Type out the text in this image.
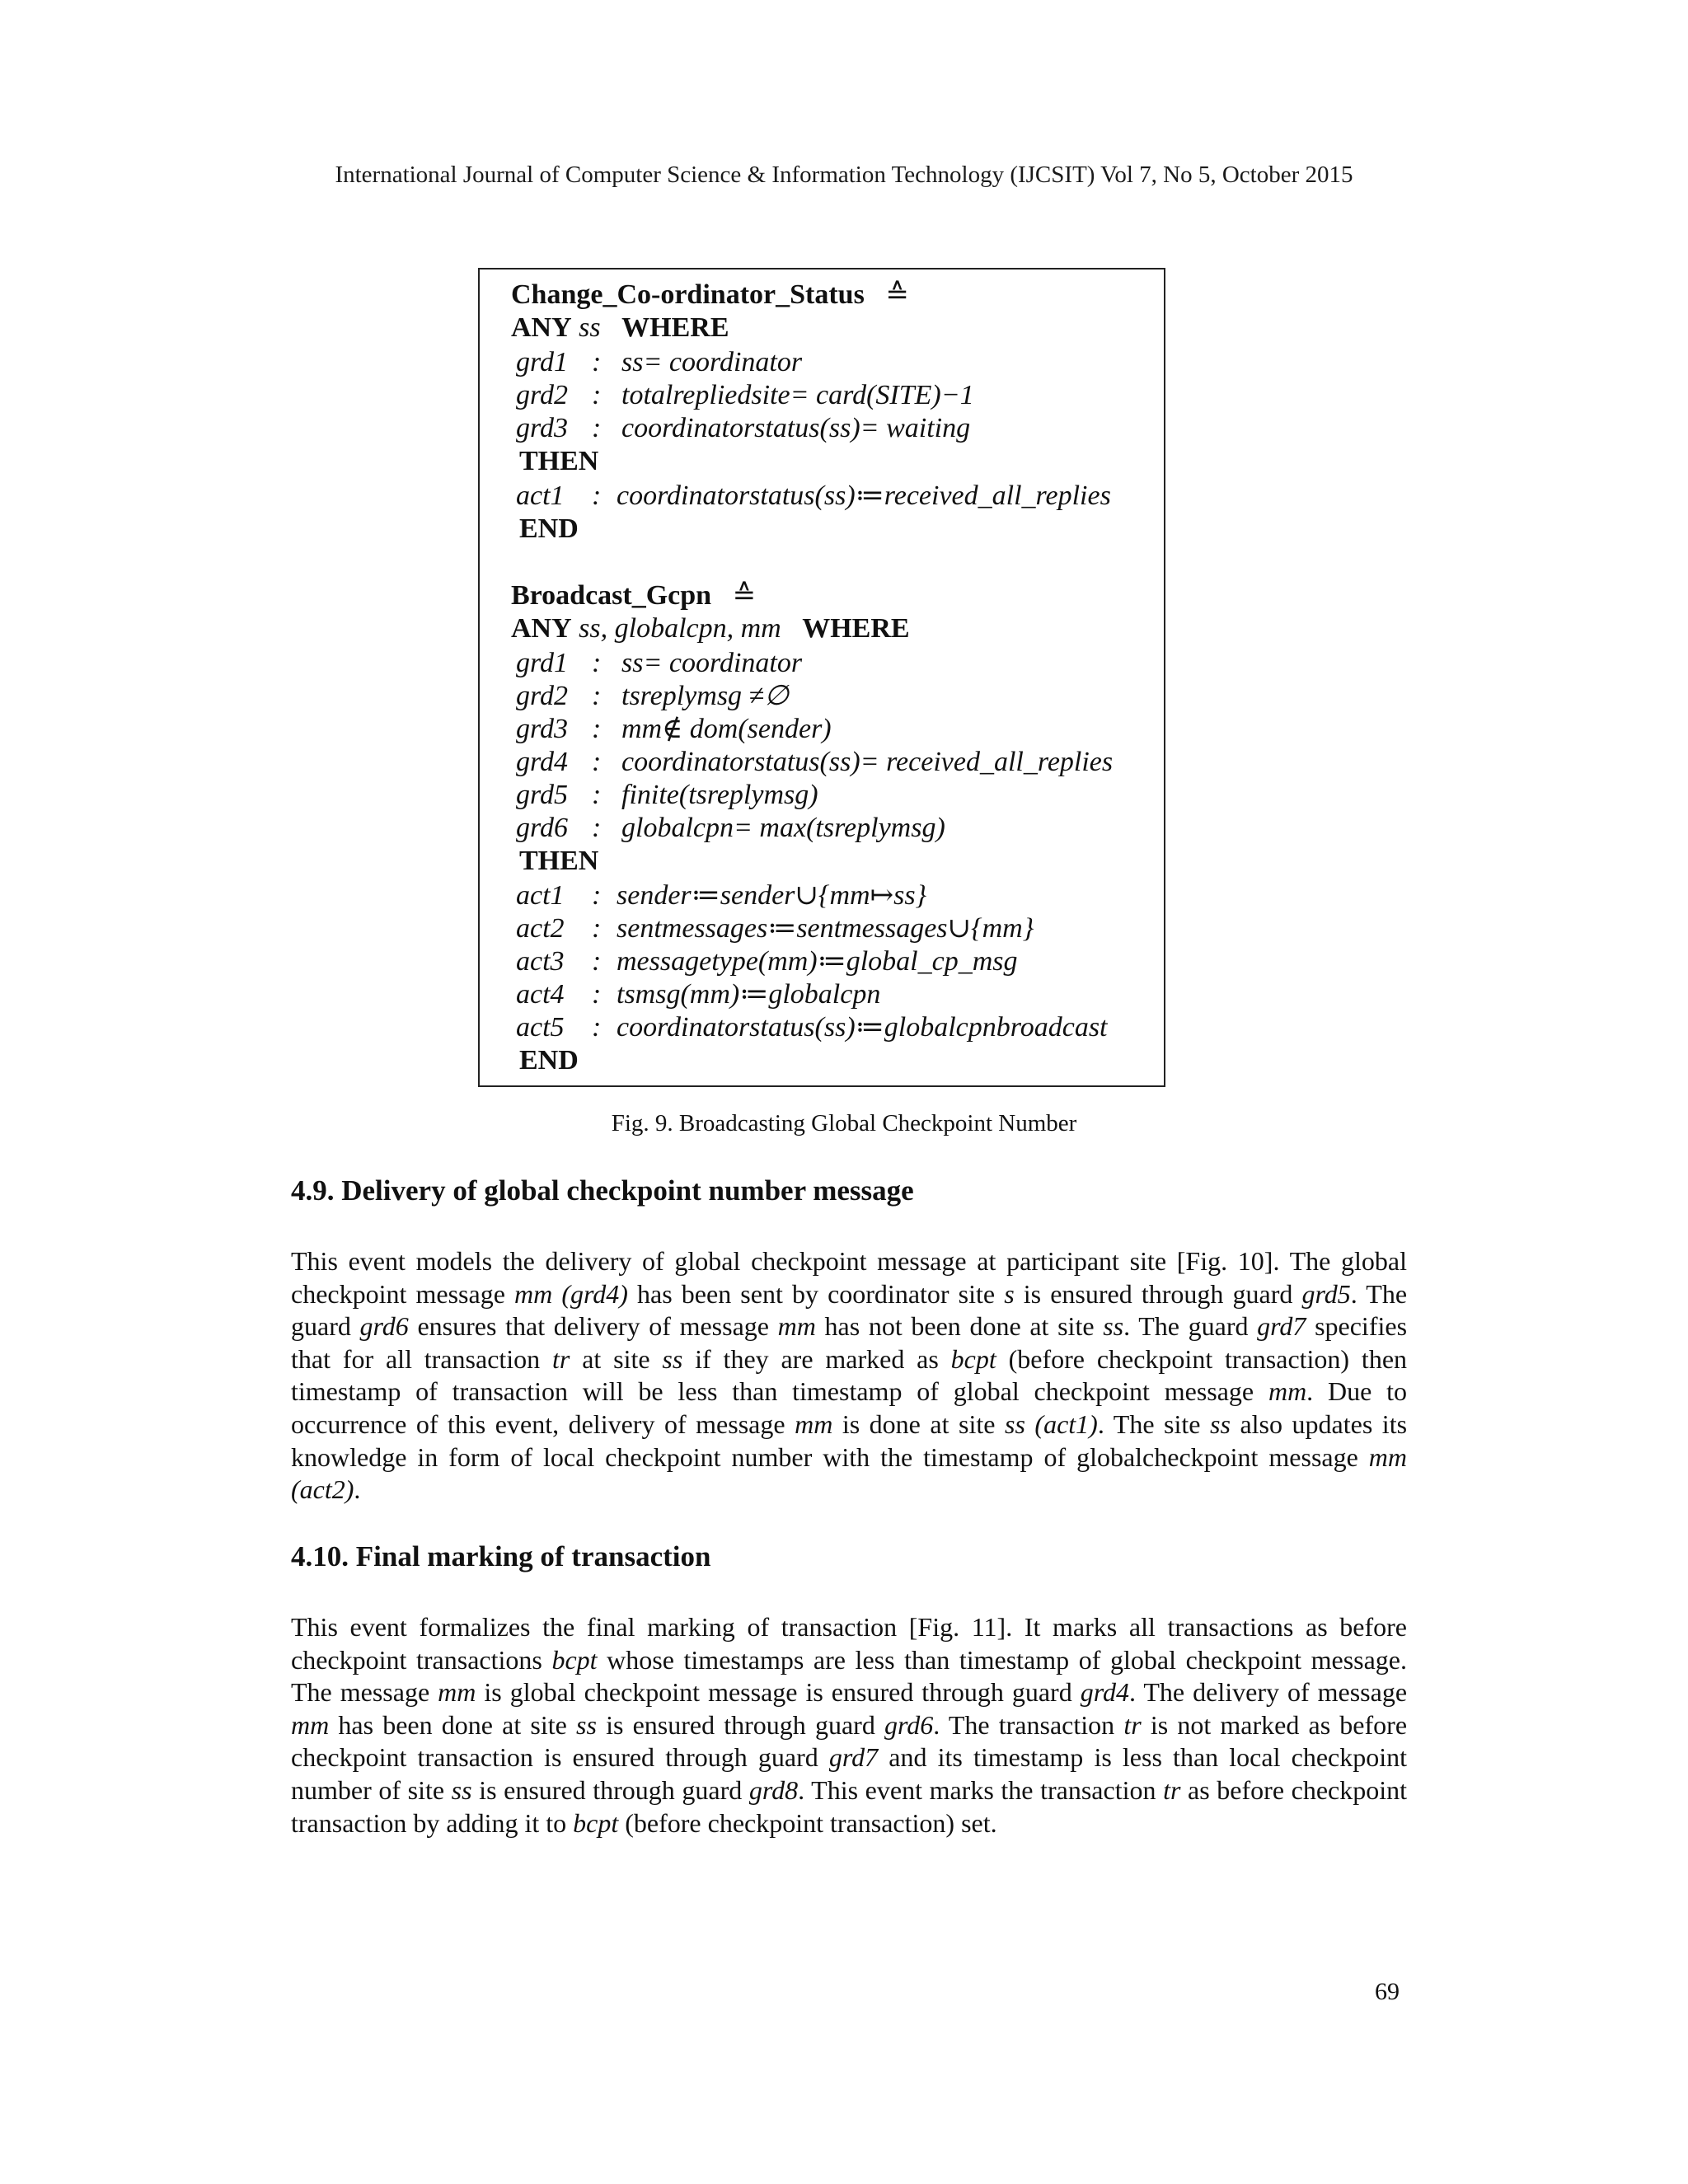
International Journal of Computer Science & Information Technology (IJCSIT) Vol 7, No 5, October 2015
Change_Co-ordinator_Status ≙
ANY ss WHERE
grd1 : ss= coordinator
grd2 : totalrepliedsite= card(SITE)−1
grd3 : coordinatorstatus(ss)= waiting
THEN
act1 : coordinatorstatus(ss)≔received_all_replies
END
Broadcast_Gcpn ≙
ANY ss, globalcpn, mm WHERE
grd1 : ss= coordinator
grd2 : tsreplymsg ≠∅
grd3 : mm∉ dom(sender)
grd4 : coordinatorstatus(ss)= received_all_replies
grd5 : finite(tsreplymsg)
grd6 : globalcpn= max(tsreplymsg)
THEN
act1 : sender≔sender∪{mm↦ss}
act2 : sentmessages≔sentmessages∪{mm}
act3 : messagetype(mm)≔global_cp_msg
act4 : tsmsg(mm)≔globalcpn
act5 : coordinatorstatus(ss)≔globalcpnbroadcast
END
Fig. 9. Broadcasting Global Checkpoint Number
4.9. Delivery of global checkpoint number message
This event models the delivery of global checkpoint message at participant site [Fig. 10]. The global checkpoint message mm (grd4) has been sent by coordinator site s is ensured through guard grd5. The guard grd6 ensures that delivery of message mm has not been done at site ss. The guard grd7 specifies that for all transaction tr at site ss if they are marked as bcpt (before checkpoint transaction) then timestamp of transaction will be less than timestamp of global checkpoint message mm. Due to occurrence of this event, delivery of message mm is done at site ss (act1). The site ss also updates its knowledge in form of local checkpoint number with the timestamp of globalcheckpoint message mm (act2).
4.10. Final marking of transaction
This event formalizes the final marking of transaction [Fig. 11]. It marks all transactions as before checkpoint transactions bcpt whose timestamps are less than timestamp of global checkpoint message. The message mm is global checkpoint message is ensured through guard grd4. The delivery of message mm has been done at site ss is ensured through guard grd6. The transaction tr is not marked as before checkpoint transaction is ensured through guard grd7 and its timestamp is less than local checkpoint number of site ss is ensured through guard grd8. This event marks the transaction tr as before checkpoint transaction by adding it to bcpt (before checkpoint transaction) set.
69
